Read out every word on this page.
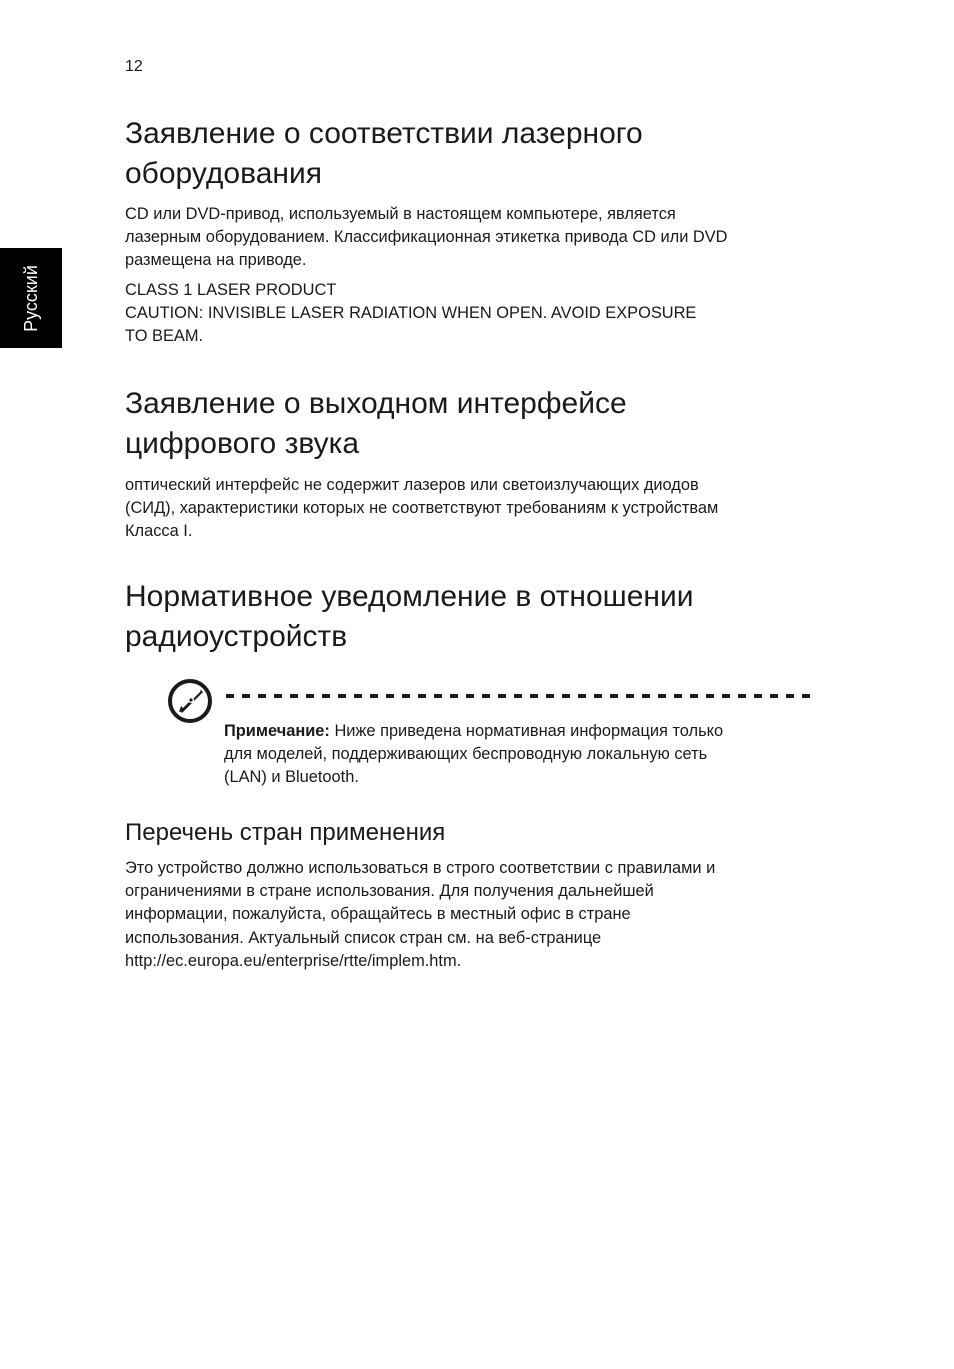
12
Русский
Заявление о соответствии лазерного
оборудования

CD или DVD-привод, используемый в настоящем компьютере, является
лазерным оборудованием. Классификационная этикетка привода CD или DVD
размещена на приводе.

CLASS 1 LASER PRODUCT
CAUTION: INVISIBLE LASER RADIATION WHEN OPEN. AVOID EXPOSURE
TO BEAM.

Заявление о выходном интерфейсе
цифрового звука

оптический интерфейс не содержит лазеров или светоизлучающих диодов
(СИД), характеристики которых не соответствуют требованиям к устройствам
Класса I.

Нормативное уведомление в отношении
радиоустройств

Примечание: Ниже приведена нормативная информация только
для моделей, поддерживающих беспроводную локальную сеть
(LAN) и Bluetooth.

Перечень стран применения

Это устройство должно использоваться в строго соответствии с правилами и
ограничениями в стране использования. Для получения дальнейшей
информации, пожалуйста, обращайтесь в местный офис в стране
использования. Актуальный список стран см. на веб-странице
http://ec.europa.eu/enterprise/rtte/implem.htm.
